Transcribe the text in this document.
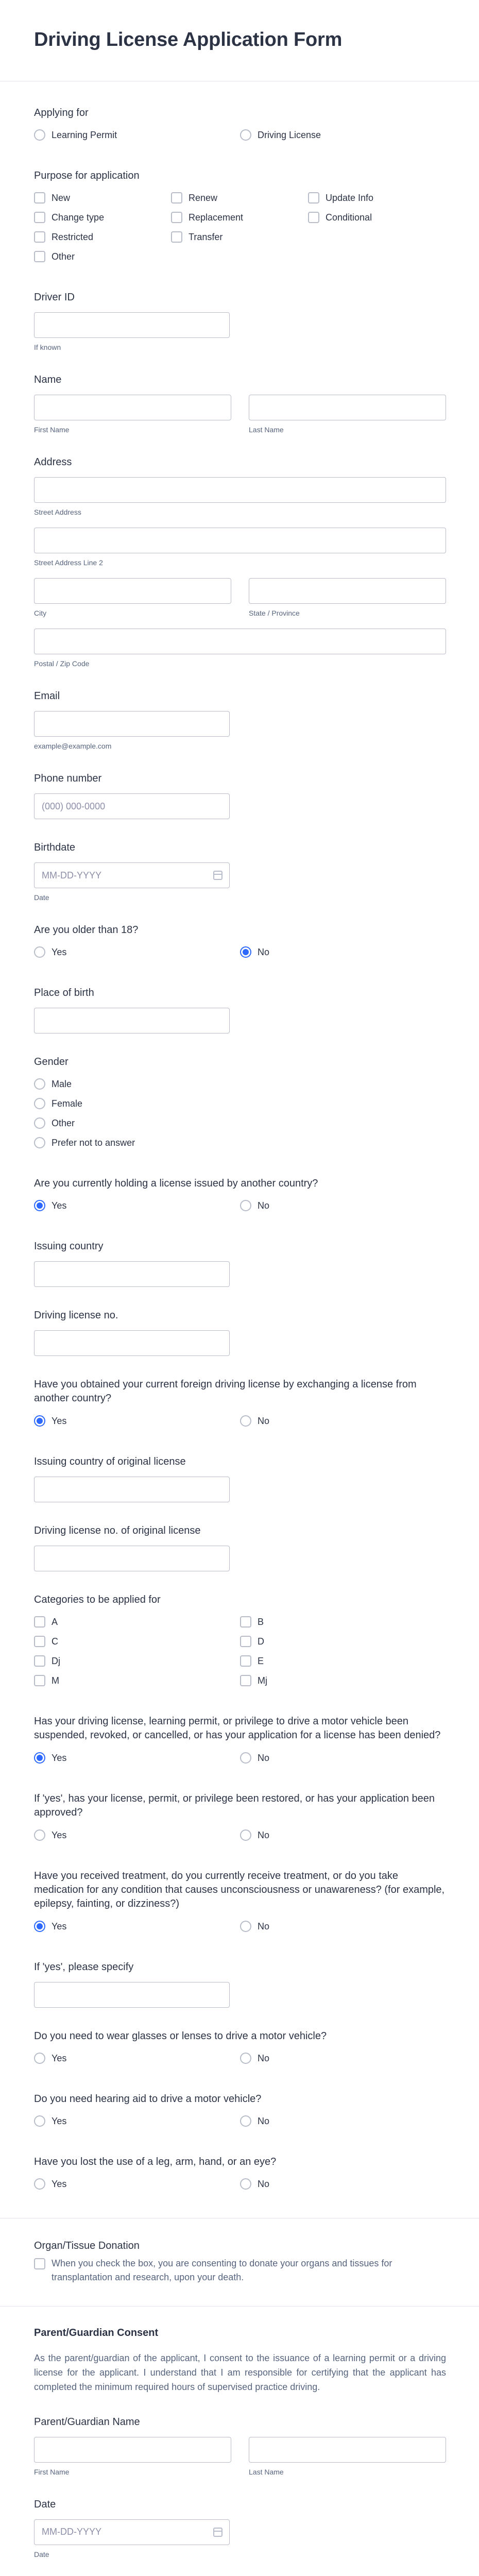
Driving License Application Form
Applying for
Learning Permit	Driving License
Purpose for application
New	Renew	Update Info
Change type	Replacement	Conditional
Restricted	Transfer
Other
Driver ID
If known
Name
First Name	Last Name
Address
Street Address
Street Address Line 2
City	State / Province
Postal / Zip Code
Email
example@example.com
Phone number
(000) 000-0000
Birthdate
MM-DD-YYYY
Date
Are you older than 18?
Yes	No
Place of birth
Gender
Male
Female
Other
Prefer not to answer
Are you currently holding a license issued by another country?
Yes	No
Issuing country
Driving license no.
Have you obtained your current foreign driving license by exchanging a license from another country?
Yes	No
Issuing country of original license
Driving license no. of original license
Categories to be applied for
A	B
C	D
Dj	E
M	Mj
Has your driving license, learning permit, or privilege to drive a motor vehicle been suspended, revoked, or cancelled, or has your application for a license has been denied?
Yes	No
If 'yes', has your license, permit, or privilege been restored, or has your application been approved?
Yes	No
Have you received treatment, do you currently receive treatment, or do you take medication for any condition that causes unconsciousness or unawareness? (for example, epilepsy, fainting, or dizziness?)
Yes	No
If 'yes', please specify
Do you need to wear glasses or lenses to drive a motor vehicle?
Yes	No
Do you need hearing aid to drive a motor vehicle?
Yes	No
Have you lost the use of a leg, arm, hand, or an eye?
Yes	No
Organ/Tissue Donation
When you check the box, you are consenting to donate your organs and tissues for transplantation and research, upon your death.
Parent/Guardian Consent
As the parent/guardian of the applicant, I consent to the issuance of a learning permit or a driving license for the applicant. I understand that I am responsible for certifying that the applicant has completed the minimum required hours of supervised practice driving.
Parent/Guardian Name
First Name	Last Name
Date
MM-DD-YYYY
Date
